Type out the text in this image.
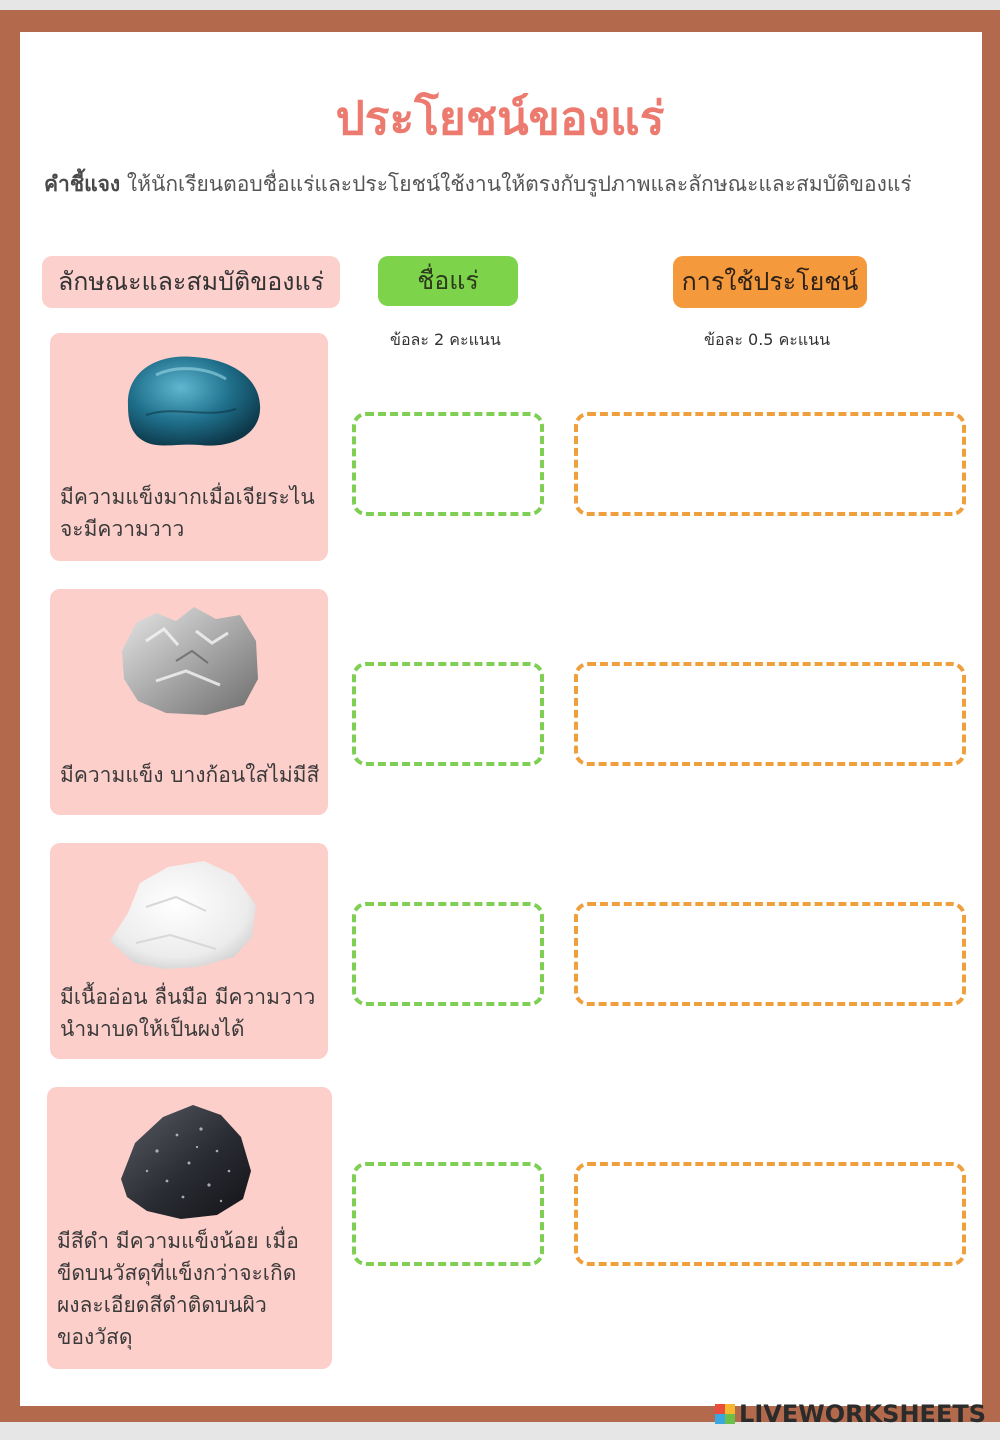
ประโยชน์ของแร่
คำชี้แจง ให้นักเรียนตอบชื่อแร่และประโยชน์ใช้งานให้ตรงกับรูปภาพและลักษณะและสมบัติของแร่
ลักษณะและสมบัติของแร่	ชื่อแร่	การใช้ประโยชน์
ข้อละ 2 คะแนน	ข้อละ 0.5 คะแนน
มีความแข็งมากเมื่อเจียระไน
จะมีความวาว
มีความแข็ง บางก้อนใสไม่มีสี
มีเนื้ออ่อน ลื่นมือ มีความวาว
นำมาบดให้เป็นผงได้
มีสีดำ มีความแข็งน้อย เมื่อ
ขีดบนวัสดุที่แข็งกว่าจะเกิด
ผงละเอียดสีดำติดบนผิว
ของวัสดุ
LIVEWORKSHEETS
